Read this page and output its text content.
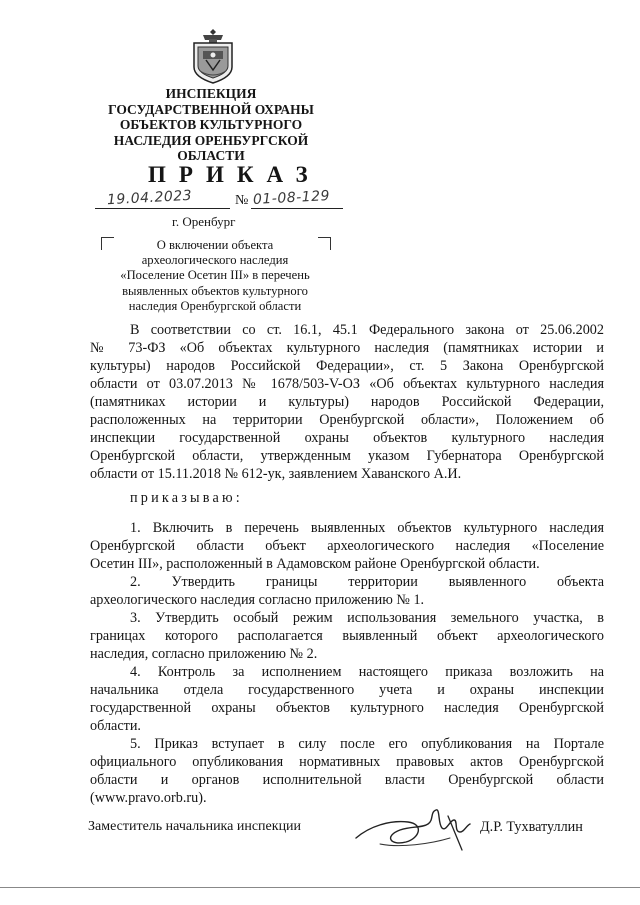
ИНСПЕКЦИЯ
ГОСУДАРСТВЕННОЙ ОХРАНЫ
ОБЪЕКТОВ КУЛЬТУРНОГО
НАСЛЕДИЯ ОРЕНБУРГСКОЙ
ОБЛАСТИ
ПРИКАЗ
19.04.2023	№ 01-08-129
г. Оренбург
О включении объекта
археологического наследия
«Поселение Осетин III» в перечень
выявленных объектов культурного
наследия Оренбургской области
В соответствии со ст. 16.1, 45.1 Федерального закона от 25.06.2002
№ 73-ФЗ «Об объектах культурного наследия (памятниках истории и
культуры) народов Российской Федерации», ст. 5 Закона Оренбургской
области от 03.07.2013 № 1678/503-V-ОЗ «Об объектах культурного наследия
(памятниках истории и культуры) народов Российской Федерации,
расположенных на территории Оренбургской области», Положением об
инспекции государственной охраны объектов культурного наследия
Оренбургской области, утвержденным указом Губернатора Оренбургской
области от 15.11.2018 № 612-ук, заявлением Хаванского А.И.
1. Включить в перечень выявленных объектов культурного наследия
Оренбургской области объект археологического наследия «Поселение
Осетин III», расположенный в Адамовском районе Оренбургской области.
2. Утвердить границы территории выявленного объекта
археологического наследия согласно приложению № 1.
3. Утвердить особый режим использования земельного участка, в
границах которого располагается выявленный объект археологического
наследия, согласно приложению № 2.
4. Контроль за исполнением настоящего приказа возложить на
начальника отдела государственного учета и охраны инспекции
государственной охраны объектов культурного наследия Оренбургской
области.
5. Приказ вступает в силу после его опубликования на Портале
официального опубликования нормативных правовых актов Оренбургской
области и органов исполнительной власти Оренбургской области
(www.pravo.orb.ru).
приказываю:
Заместитель начальника инспекции	Д.Р. Тухватуллин
